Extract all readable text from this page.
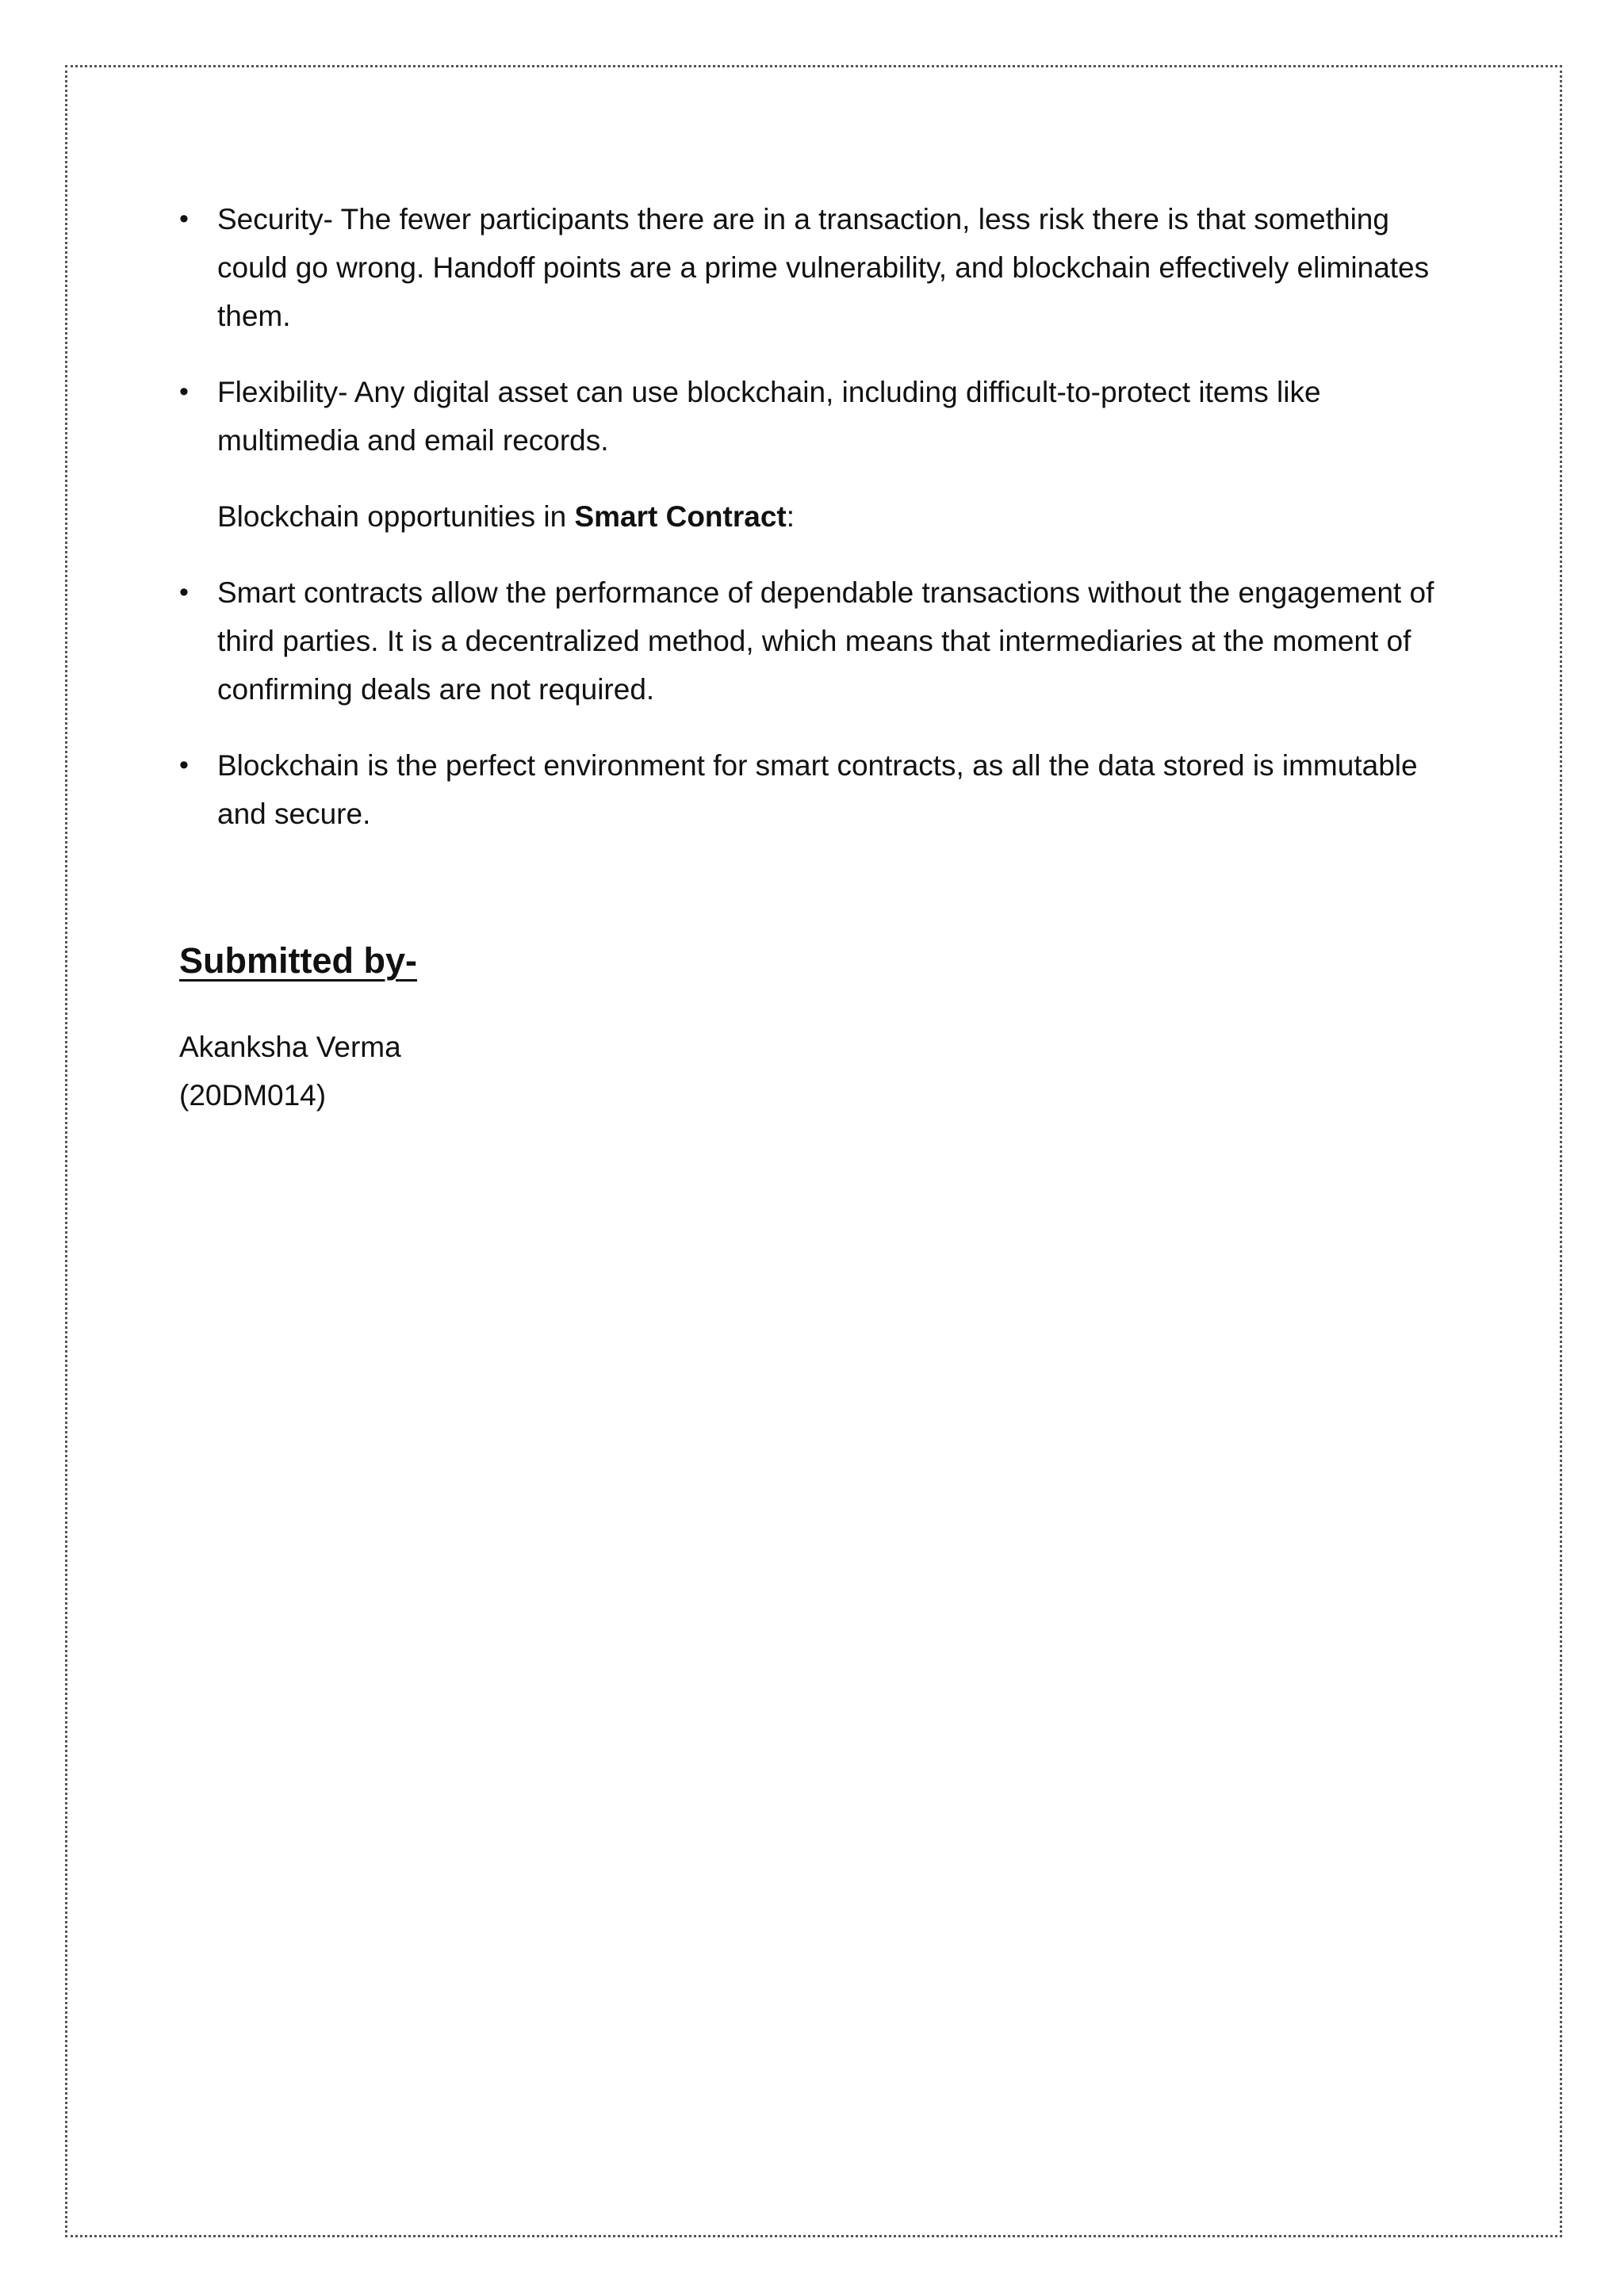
• Security- The fewer participants there are in a transaction, less risk there is that something could go wrong. Handoff points are a prime vulnerability, and blockchain effectively eliminates them.
• Flexibility- Any digital asset can use blockchain, including difficult-to-protect items like multimedia and email records.

Blockchain opportunities in Smart Contract:

• Smart contracts allow the performance of dependable transactions without the engagement of third parties. It is a decentralized method, which means that intermediaries at the moment of confirming deals are not required.
• Blockchain is the perfect environment for smart contracts, as all the data stored is immutable and secure.
Submitted by-
Akanksha Verma
(20DM014)
